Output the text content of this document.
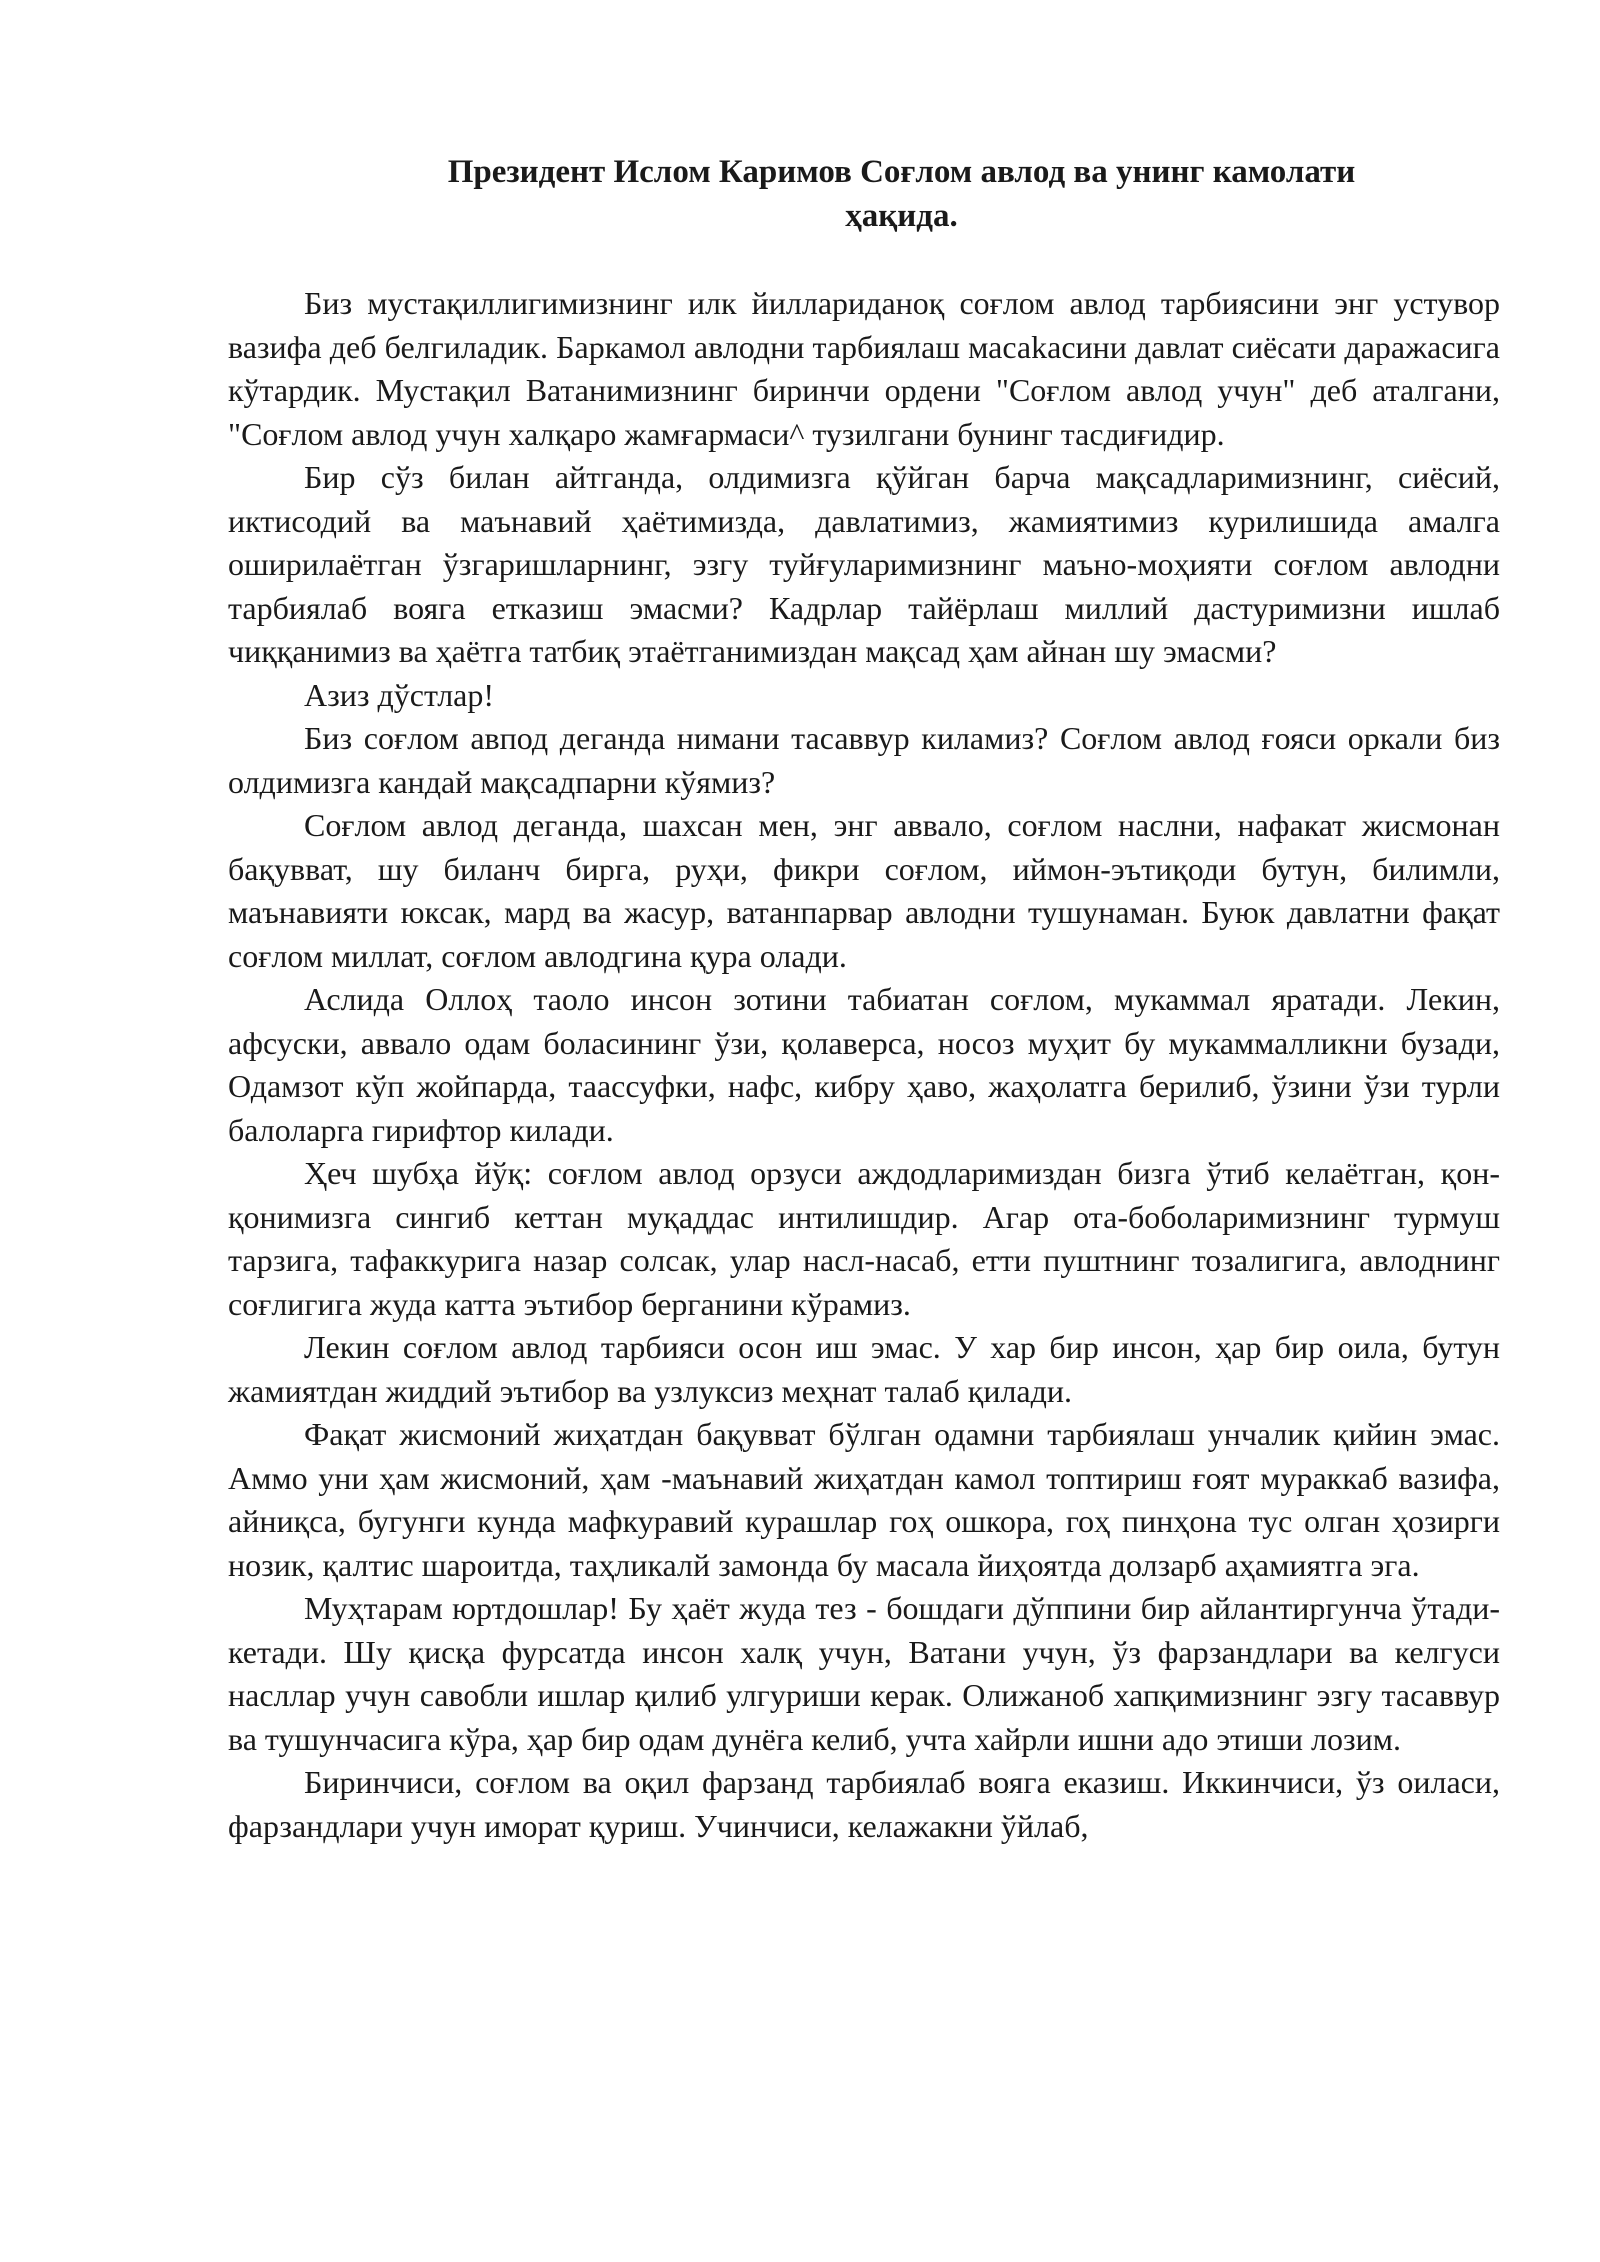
Президент Ислом Каримов Соғлом авлод ва унинг камолати
ҳақида.

Биз мустақиллигимизнинг илк йиллариданоқ соғлом авлод тарбиясини энг устувор вазифа деб белгиладик. Баркамол авлодни тарбиялаш масаkасини давлат сиёсати даражасига кўтардик. Мустақил Ватанимизнинг биринчи ордени "Соғлом авлод учун" деб аталгани, "Соғлом авлод учун халқаро жамғармаси^ тузилгани бунинг тасдиғидир.

Бир сўз билан айтганда, олдимизга қўйган барча мақсадларимизнинг, сиёсий, иктисодий ва маънавий ҳаётимизда, давлатимиз, жамиятимиз курилишида амалга оширилаётган ўзгаришларнинг, эзгу туйғуларимизнинг маъно-моҳияти соғлом авлодни тарбиялаб вояга етказиш эмасми? Кадрлар тайёрлаш миллий дастуримизни ишлаб чиққанимиз ва ҳаётга татбиқ этаётганимиздан мақсад ҳам айнан шу эмасми?

Азиз дўстлар!

Биз соғлом авпод деганда нимани тасаввур киламиз? Соғлом авлод ғояси оркали биз олдимизга кандай мақсадпарни кўямиз?

Соғлом авлод деганда, шахсан мен, энг аввало, соғлом наслни, нафакат жисмонан бақувват, шу биланч бирга, руҳи, фикри соғлом, иймон-эътиқоди бутун, билимли, маънавияти юксак, мард ва жасур, ватанпарвар авлодни тушунаман. Буюк давлатни фақат соғлом миллат, соғлом авлодгина қура олади.

Аслида Оллоҳ таоло инсон зотини табиатан соғлом, мукаммал яратади. Лекин, афсуски, аввало одам боласининг ўзи, қолаверса, носоз муҳит бу мукаммалликни бузади, Одамзот кўп жойпарда, таассуфки, нафс, кибру ҳаво, жаҳолатга берилиб, ўзини ўзи турли балоларга гирифтор килади.

Ҳеч шубҳа йўқ: соғлом авлод орзуси аждодларимиздан бизга ўтиб келаётган, қон-қонимизга сингиб кеттан муқаддас интилишдир. Агар ота-боболаримизнинг турмуш тарзига, тафаккурига назар солсак, улар насл-насаб, етти пуштнинг тозалигига, авлоднинг соғлигига жуда катта эътибор берганини кўрамиз.

Лекин соғлом авлод тарбияси осон иш эмас. У хар бир инсон, ҳар бир оила, бутун жамиятдан жиддий эътибор ва узлуксиз меҳнат талаб қилади.

Фақат жисмоний жиҳатдан бақувват бўлган одамни тарбиялаш унчалик қийин эмас. Аммо уни ҳам жисмоний, ҳам -маънавий жиҳатдан камол топтириш ғоят мураккаб вазифа, айниқса, бугунги кунда мафкуравий курашлар гоҳ ошкора, гоҳ пинҳона тус олган ҳозирги нозик, қалтис шароитда, таҳликалй замонда бу масала йиҳоятда долзарб аҳамиятга эга.

Муҳтарам юртдошлар! Бу ҳаёт жуда тез - бошдаги дўппини бир айлантиргунча ўтади-кетади. Шу қисқа фурсатда инсон халқ учун, Ватани учун, ўз фарзандлари ва келгуси насллар учун савобли ишлар қилиб улгуриши керак. Олижаноб хапқимизнинг эзгу тасаввур ва тушунчасига кўра, ҳар бир одам дунёга келиб, учта хайрли ишни адо этиши лозим.

Биринчиси, соғлом ва оқил фарзанд тарбиялаб вояга еказиш. Иккинчиси, ўз оиласи, фарзандлари учун иморат қуриш. Учинчиси, келажакни ўйлаб,
